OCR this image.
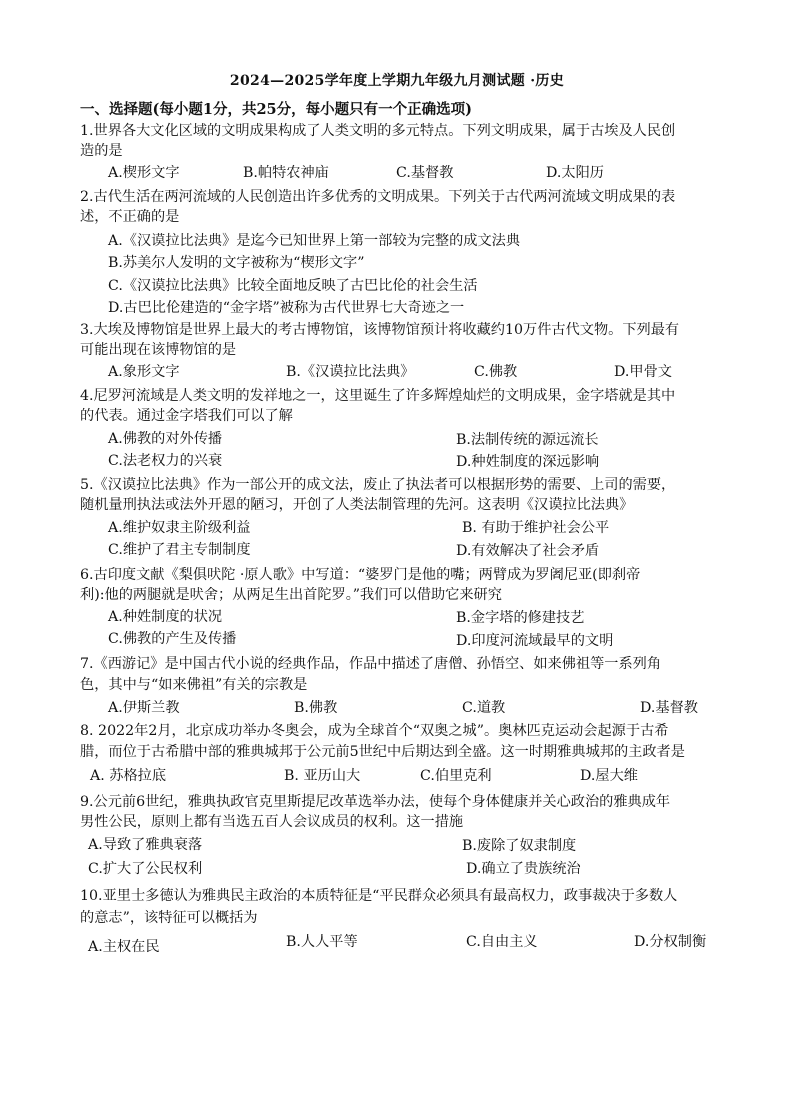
2024—2025学年度上学期九年级九月测试题 ·历史
一、选择题(每小题1分，共25分，每小题只有一个正确选项)
1.世界各大文化区域的文明成果构成了人类文明的多元特点。下列文明成果，属于古埃及人民创
造的是
A.楔形文字	B.帕特农神庙	C.基督教	D.太阳历
2.古代生活在两河流域的人民创造出许多优秀的文明成果。下列关于古代两河流域文明成果的表
述，不正确的是
A.《汉谟拉比法典》是迄今已知世界上第一部较为完整的成文法典
B.苏美尔人发明的文字被称为“楔形文字”
C.《汉谟拉比法典》比较全面地反映了古巴比伦的社会生活
D.古巴比伦建造的“金字塔”被称为古代世界七大奇迹之一
3.大埃及博物馆是世界上最大的考古博物馆，该博物馆预计将收藏约10万件古代文物。下列最有
可能出现在该博物馆的是
A.象形文字	B.《汉谟拉比法典》	C.佛教	D.甲骨文
4.尼罗河流域是人类文明的发祥地之一，这里诞生了许多辉煌灿烂的文明成果，金字塔就是其中
的代表。通过金字塔我们可以了解
A.佛教的对外传播	B.法制传统的源远流长
C.法老权力的兴衰	D.种姓制度的深远影响
5.《汉谟拉比法典》作为一部公开的成文法，废止了执法者可以根据形势的需要、上司的需要，
随机量刑执法或法外开恩的陋习，开创了人类法制管理的先河。这表明《汉谟拉比法典》
A.维护奴隶主阶级利益	B. 有助于维护社会公平
C.维护了君主专制制度	D.有效解决了社会矛盾
6.古印度文献《梨俱吠陀 ·原人歌》中写道：“婆罗门是他的嘴；两臂成为罗阇尼亚(即刹帝
利):他的两腿就是吠舍；从两足生出首陀罗。”我们可以借助它来研究
A.种姓制度的状况	B.金字塔的修建技艺
C.佛教的产生及传播	D.印度河流域最早的文明
7.《西游记》是中国古代小说的经典作品，作品中描述了唐僧、孙悟空、如来佛祖等一系列角
色，其中与“如来佛祖”有关的宗教是
A.伊斯兰教	B.佛教	C.道教	D.基督教
8. 2022年2月，北京成功举办冬奥会，成为全球首个“双奥之城”。奥林匹克运动会起源于古希
腊，而位于古希腊中部的雅典城邦于公元前5世纪中后期达到全盛。这一时期雅典城邦的主政者是
A. 苏格拉底	B. 亚历山大	C.伯里克利	D.屋大维
9.公元前6世纪，雅典执政官克里斯提尼改革选举办法，使每个身体健康并关心政治的雅典成年
男性公民，原则上都有当选五百人会议成员的权利。这一措施
A.导致了雅典衰落	B.废除了奴隶制度
C.扩大了公民权利	D.确立了贵族统治
10.亚里士多德认为雅典民主政治的本质特征是“平民群众必须具有最高权力，政事裁决于多数人
的意志”，该特征可以概括为
A.主权在民	B.人人平等	C.自由主义	D.分权制衡
